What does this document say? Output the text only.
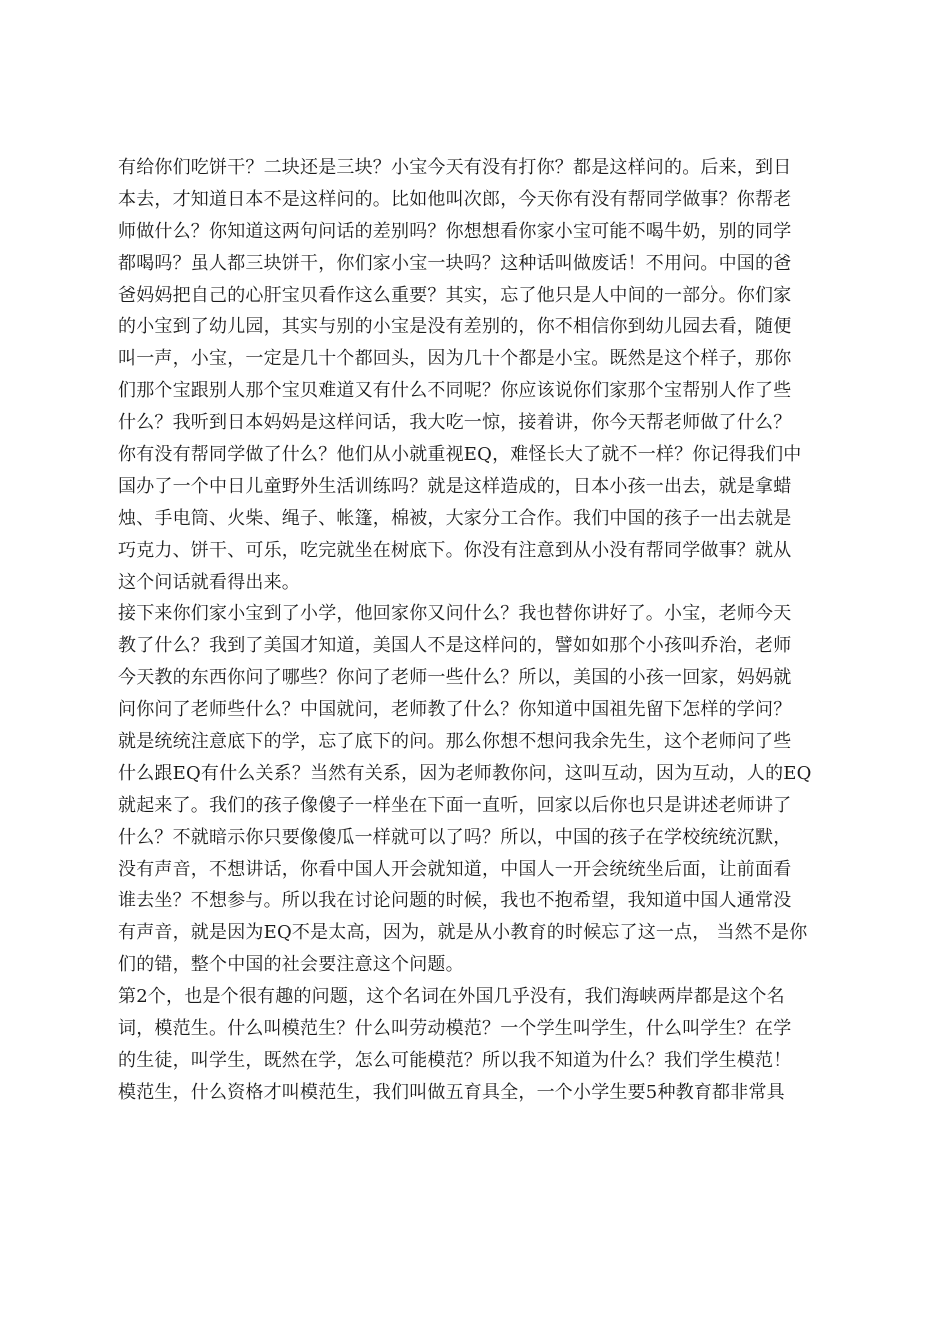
有给你们吃饼干？二块还是三块？小宝今天有没有打你？都是这样问的。后来，到日
本去，才知道日本不是这样问的。比如他叫次郎，今天你有没有帮同学做事？你帮老
师做什么？你知道这两句问话的差别吗？你想想看你家小宝可能不喝牛奶，别的同学
都喝吗？虽人都三块饼干，你们家小宝一块吗？这种话叫做废话！不用问。中国的爸
爸妈妈把自己的心肝宝贝看作这么重要？其实，忘了他只是人中间的一部分。你们家
的小宝到了幼儿园，其实与别的小宝是没有差别的，你不相信你到幼儿园去看，随便
叫一声，小宝，一定是几十个都回头，因为几十个都是小宝。既然是这个样子，那你
们那个宝跟别人那个宝贝难道又有什么不同呢？你应该说你们家那个宝帮别人作了些
什么？我听到日本妈妈是这样问话，我大吃一惊，接着讲，你今天帮老师做了什么？
你有没有帮同学做了什么？他们从小就重视EQ，难怪长大了就不一样？你记得我们中
国办了一个中日儿童野外生活训练吗？就是这样造成的，日本小孩一出去，就是拿蜡
烛、手电筒、火柴、绳子、帐篷，棉被，大家分工合作。我们中国的孩子一出去就是
巧克力、饼干、可乐，吃完就坐在树底下。你没有注意到从小没有帮同学做事？就从
这个问话就看得出来。
接下来你们家小宝到了小学，他回家你又问什么？我也替你讲好了。小宝，老师今天
教了什么？我到了美国才知道，美国人不是这样问的，譬如如那个小孩叫乔治，老师
今天教的东西你问了哪些？你问了老师一些什么？所以，美国的小孩一回家，妈妈就
问你问了老师些什么？中国就问，老师教了什么？你知道中国祖先留下怎样的学问？
就是统统注意底下的学，忘了底下的问。那么你想不想问我余先生，这个老师问了些
什么跟EQ有什么关系？当然有关系，因为老师教你问，这叫互动，因为互动，人的EQ
就起来了。我们的孩子像傻子一样坐在下面一直听，回家以后你也只是讲述老师讲了
什么？不就暗示你只要像傻瓜一样就可以了吗？所以，中国的孩子在学校统统沉默，
没有声音，不想讲话，你看中国人开会就知道，中国人一开会统统坐后面，让前面看
谁去坐？不想参与。所以我在讨论问题的时候，我也不抱希望，我知道中国人通常没
有声音，就是因为EQ不是太高，因为，就是从小教育的时候忘了这一点， 当然不是你
们的错，整个中国的社会要注意这个问题。
第2个，也是个很有趣的问题，这个名词在外国几乎没有，我们海峡两岸都是这个名
词，模范生。什么叫模范生？什么叫劳动模范？一个学生叫学生，什么叫学生？在学
的生徒，叫学生，既然在学，怎么可能模范？所以我不知道为什么？我们学生模范！
模范生，什么资格才叫模范生，我们叫做五育具全，一个小学生要5种教育都非常具
